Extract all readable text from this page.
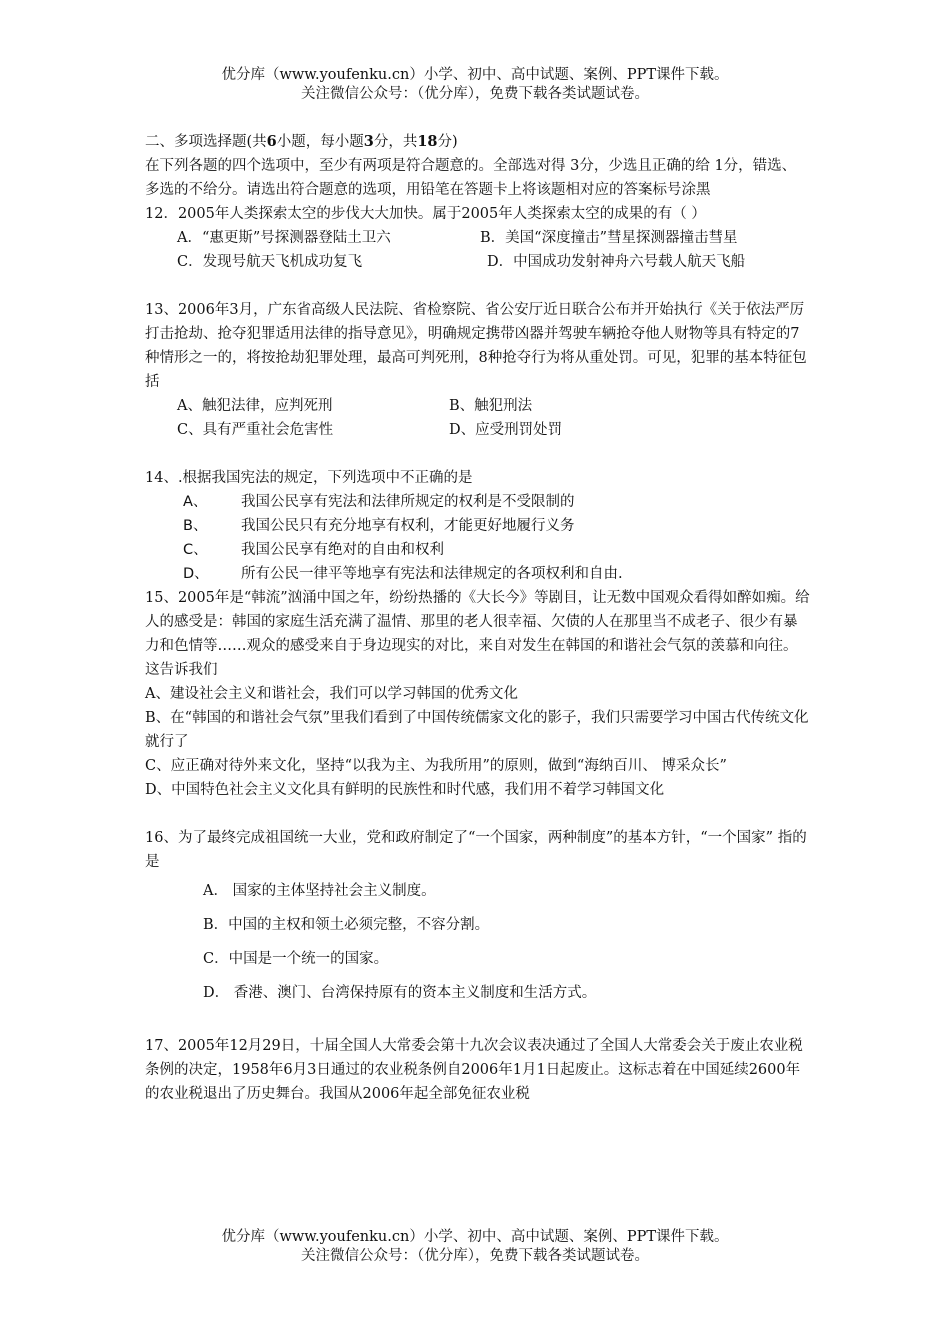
优分库（www.youfenku.cn）小学、初中、高中试题、案例、PPT课件下载。
关注微信公众号：（优分库），免费下载各类试题试卷。

二、多项选择题(共6小题，每小题3分，共18分)

在下列各题的四个选项中，至少有两项是符合题意的。全部选对得 3分，少选且正确的给 1分，错选、多选的不给分。请选出符合题意的选项，用铅笔在答题卡上将该题相对应的答案标号涂黑

12．2005年人类探索太空的步伐大大加快。属于2005年人类探索太空的成果的有（ ）

A．“惠更斯”号探测器登陆土卫六	B．美国“深度撞击”彗星探测器撞击彗星
C．发现号航天飞机成功复飞	D．中国成功发射神舟六号载人航天飞船

13、2006年3月，广东省高级人民法院、省检察院、省公安厅近日联合公布并开始执行《关于依法严厉打击抢劫、抢夺犯罪适用法律的指导意见》，明确规定携带凶器并驾驶车辆抢夺他人财物等具有特定的7种情形之一的，将按抢劫犯罪处理，最高可判死刑，8种抢夺行为将从重处罚。可见，犯罪的基本特征包括

A、触犯法律，应判死刑	B、触犯刑法
C、具有严重社会危害性	D、应受刑罚处罚

14、.根据我国宪法的规定，下列选项中不正确的是

A、	我国公民享有宪法和法律所规定的权利是不受限制的
B、	我国公民只有充分地享有权利，才能更好地履行义务
C、	我国公民享有绝对的自由和权利
D、	所有公民一律平等地享有宪法和法律规定的各项权利和自由.

15、2005年是“韩流”汹涌中国之年，纷纷热播的《大长今》等剧目，让无数中国观众看得如醉如痴。给人的感受是：韩国的家庭生活充满了温情、那里的老人很幸福、欠债的人在那里当不成老子、很少有暴力和色情等……观众的感受来自于身边现实的对比，来自对发生在韩国的和谐社会气氛的羡慕和向往。这告诉我们

A、建设社会主义和谐社会，我们可以学习韩国的优秀文化

B、在“韩国的和谐社会气氛”里我们看到了中国传统儒家文化的影子，我们只需要学习中国古代传统文化就行了

C、应正确对待外来文化，坚持“以我为主、为我所用”的原则，做到“海纳百川、 博采众长”

D、中国特色社会主义文化具有鲜明的民族性和时代感，我们用不着学习韩国文化

16、为了最终完成祖国统一大业，党和政府制定了“一个国家，两种制度”的基本方针，“一个国家” 指的是

A． 国家的主体坚持社会主义制度。
B．中国的主权和领土必须完整，不容分割。
C．中国是一个统一的国家。
D． 香港、澳门、台湾保持原有的资本主义制度和生活方式。

17、2005年12月29日，十届全国人大常委会第十九次会议表决通过了全国人大常委会关于废止农业税条例的决定，1958年6月3日通过的农业税条例自2006年1月1日起废止。这标志着在中国延续2600年的农业税退出了历史舞台。我国从2006年起全部免征农业税

优分库（www.youfenku.cn）小学、初中、高中试题、案例、PPT课件下载。
关注微信公众号：（优分库），免费下载各类试题试卷。
